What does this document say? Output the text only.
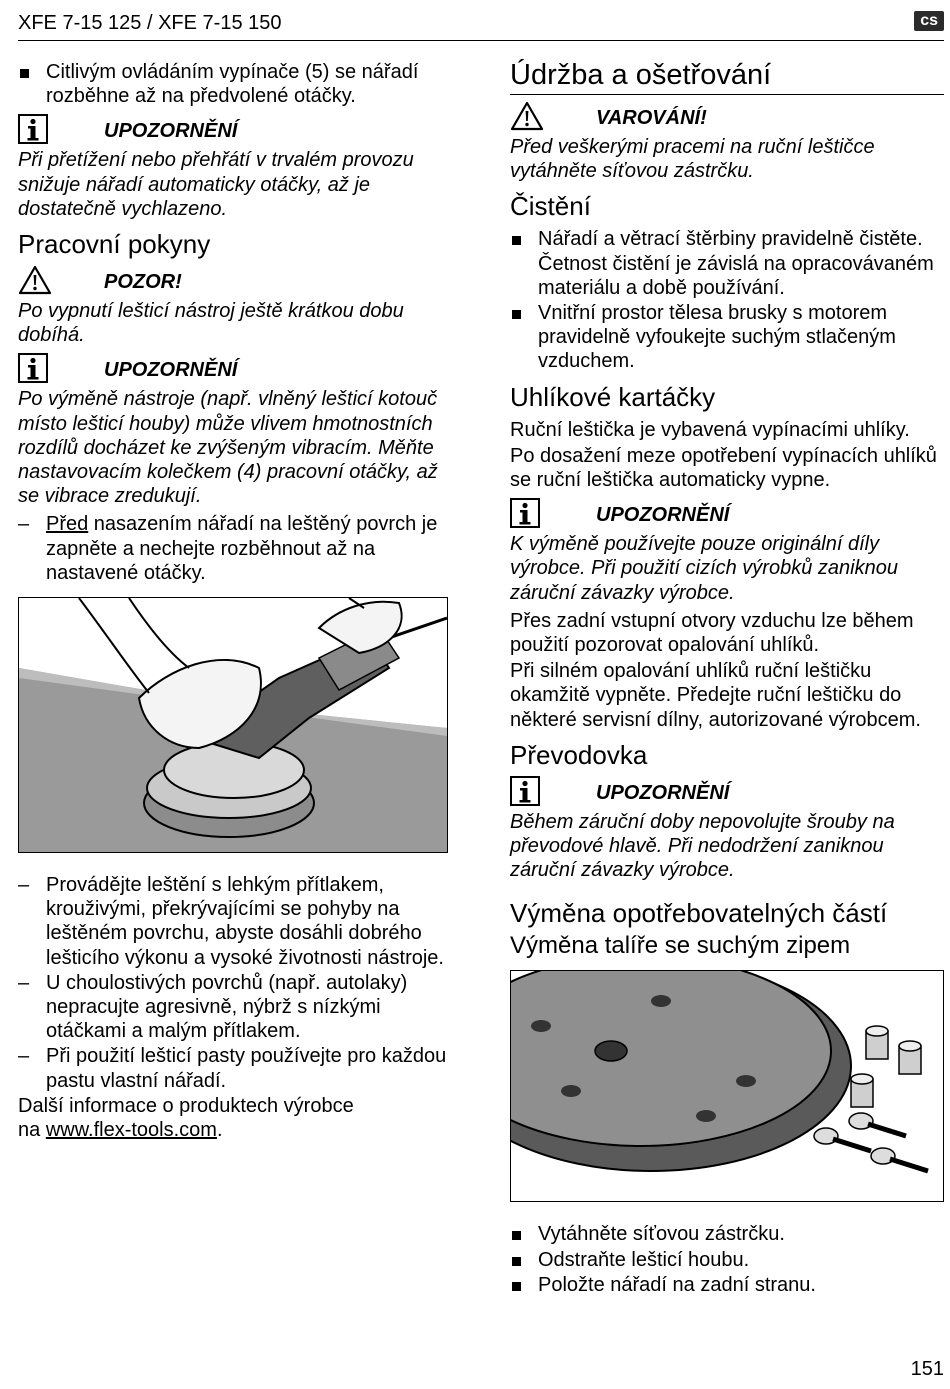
XFE 7-15 125 / XFE 7-15 150	cs
Citlivým ovládáním vypínače (5) se nářadí rozběhne až na předvolené otáčky.
UPOZORNĚNÍ

Při přetížení nebo přehřátí v trvalém provozu snižuje nářadí automaticky otáčky, až je dostatečně vychlazeno.

Pracovní pokyny
POZOR!

Po vypnutí lešticí nástroj ještě krátkou dobu dobíhá.

UPOZORNĚNÍ

Po výměně nástroje (např. vlněný lešticí kotouč místo lešticí houby) může vlivem hmotnostních rozdílů docházet ke zvýšeným vibracím. Měňte nastavovacím kolečkem (4) pracovní otáčky, až se vibrace zredukují.

– Před nasazením nářadí na leštěný povrch je zapněte a nechejte rozběhnout až na nastavené otáčky.
– Provádějte leštění s lehkým přítlakem, krouživými, překrývajícími se pohyby na leštěném povrchu, abyste dosáhli dobrého lešticího výkonu a vysoké životnosti nástroje.
– U choulostivých povrchů (např. autolaky) nepracujte agresivně, nýbrž s nízkými otáčkami a malým přítlakem.
– Při použití lešticí pasty používejte pro každou pastu vlastní nářadí.

Další informace o produktech výrobce
na www.flex-tools.com.

Údržba a ošetřování
VAROVÁNÍ!

Před veškerými pracemi na ruční leštičce vytáhněte síťovou zástrčku.

Čistění
Nářadí a větrací štěrbiny pravidelně čistěte. Četnost čistění je závislá na opracovávaném materiálu a době používání.
Vnitřní prostor tělesa brusky s motorem pravidelně vyfoukejte suchým stlačeným vzduchem.
Uhlíkové kartáčky

Ruční leštička je vybavená vypínacími uhlíky.

Po dosažení meze opotřebení vypínacích uhlíků se ruční leštička automaticky vypne.

UPOZORNĚNÍ

K výměně používejte pouze originální díly výrobce. Při použití cizích výrobků zaniknou záruční závazky výrobce.

Přes zadní vstupní otvory vzduchu lze během použití pozorovat opalování uhlíků.

Při silném opalování uhlíků ruční leštičku okamžitě vypněte. Předejte ruční leštičku do některé servisní dílny, autorizované výrobcem.

Převodovka
UPOZORNĚNÍ

Během záruční doby nepovolujte šrouby na převodové hlavě. Při nedodržení zaniknou záruční závazky výrobce.

Výměna opotřebovatelných částí
Výměna talíře se suchým zipem
Vytáhněte síťovou zástrčku.
Odstraňte lešticí houbu.
Položte nářadí na zadní stranu.
151
